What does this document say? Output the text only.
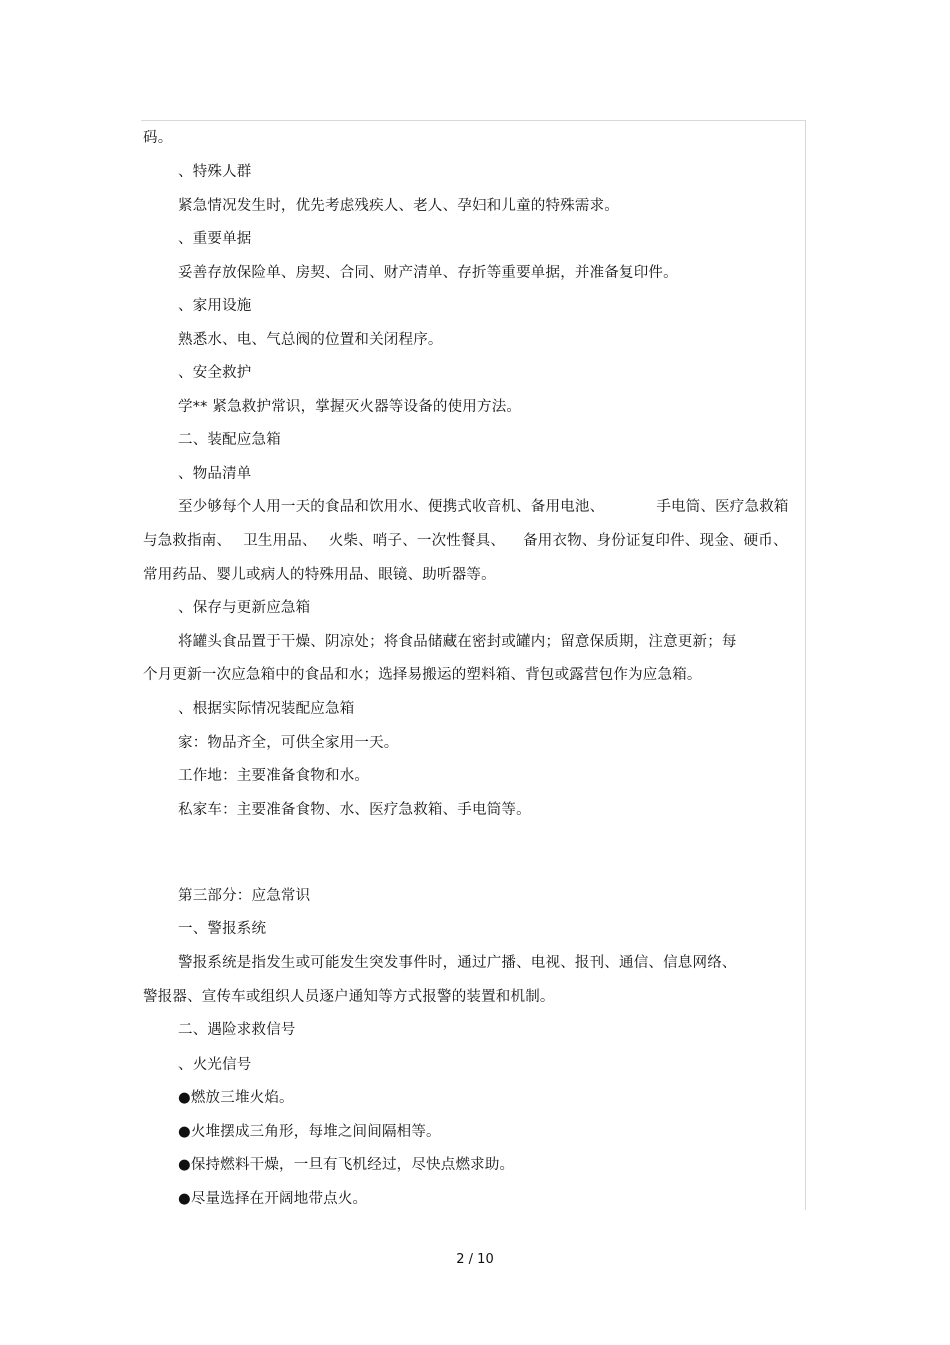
码。
、特殊人群
紧急情况发生时，优先考虑残疾人、老人、孕妇和儿童的特殊需求。
、重要单据
妥善存放保险单、房契、合同、财产清单、存折等重要单据，并准备复印件。
、家用设施
熟悉水、电、气总阀的位置和关闭程序。
、安全救护
学** 紧急救护常识，掌握灭火器等设备的使用方法。
二、装配应急箱
、物品清单
至少够每个人用一天的食品和饮用水、便携式收音机、备用电池、	手电筒、医疗急救箱
与急救指南、 卫生用品、 火柴、哨子、一次性餐具、 备用衣物、身份证复印件、现金、硬币、
常用药品、婴儿或病人的特殊用品、眼镜、助听器等。
、保存与更新应急箱
将罐头食品置于干燥、阴凉处；将食品储藏在密封或罐内；留意保质期，注意更新；每
个月更新一次应急箱中的食品和水；选择易搬运的塑料箱、背包或露营包作为应急箱。
、根据实际情况装配应急箱
家：物品齐全，可供全家用一天。
工作地：主要准备食物和水。
私家车：主要准备食物、水、医疗急救箱、手电筒等。
第三部分：应急常识
一、警报系统
警报系统是指发生或可能发生突发事件时，通过广播、电视、报刊、通信、信息网络、
警报器、宣传车或组织人员逐户通知等方式报警的装置和机制。
二、遇险求救信号
、火光信号
●燃放三堆火焰。
●火堆摆成三角形，每堆之间间隔相等。
●保持燃料干燥，一旦有飞机经过，尽快点燃求助。
●尽量选择在开阔地带点火。
2 / 10
